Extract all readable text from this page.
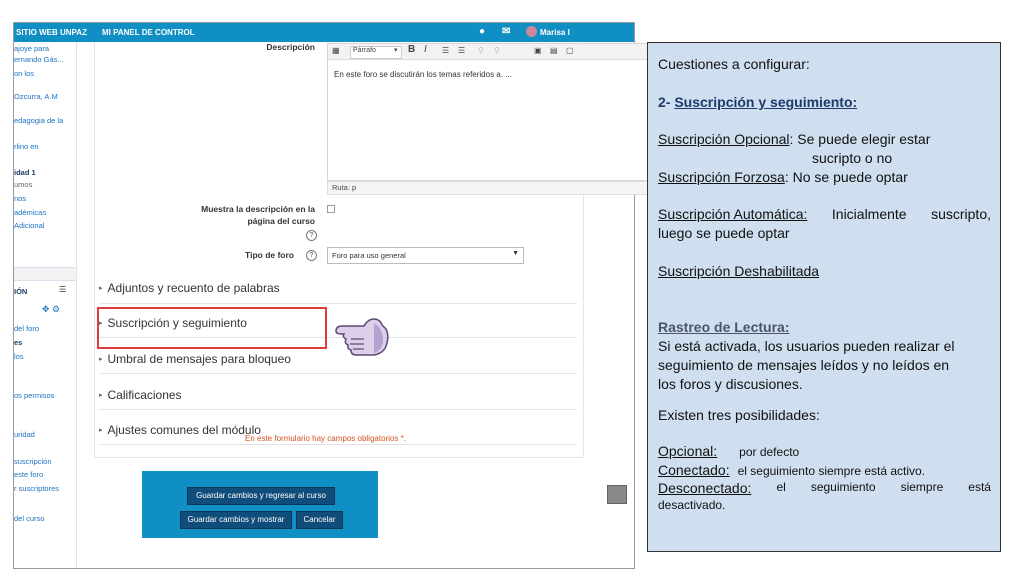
SITIO WEB UNPAZ MI PANEL DE CONTROL	● ✉	Marisa I
ajoye para
ernando Gás...
on los
Ozcurra, A.M
edagogia de la
rlino en
idad 1
umos
nos
adémicas
Adicional
IÓN	☰
✥ ⚙
del foro
es
los
os permisos
uridad
suscripción
este foro
r suscriptores
del curso
Descripción ▦	Párrafo	▾ B I ☰ ☰ ⚲ ⚲	▣ ▤ ▢
En este foro se discutirán los temas referidos a. ...
Ruta: p
Muestra la descripción en la
página del curso
?
Tipo de foro	?	Foro para uso general	▼
▸ Adjuntos y recuento de palabras
▸ Suscripción y seguimiento
▸ Umbral de mensajes para bloqueo
▸ Calificaciones
▸ Ajustes comunes del módulo
En este formulario hay campos obligatorios *.
Guardar cambios y regresar al curso
Guardar cambios y mostrar	Cancelar
Cuestiones a configurar:
2- Suscripción y seguimiento:
Suscripción Opcional: Se puede elegir estar
sucripto o no
Suscripción Forzosa: No se puede optar
Suscripción Automática: Inicialmente suscripto,
luego se puede optar
Suscripción Deshabilitada
Rastreo de Lectura:
Si está activada, los usuarios pueden realizar el
seguimiento de mensajes leídos y no leídos en
los foros y discusiones.
Existen tres posibilidades:
Opcional: por defecto
Conectado: el seguimiento siempre está activo.
Desconectado: el seguimiento siempre está
desactivado.
